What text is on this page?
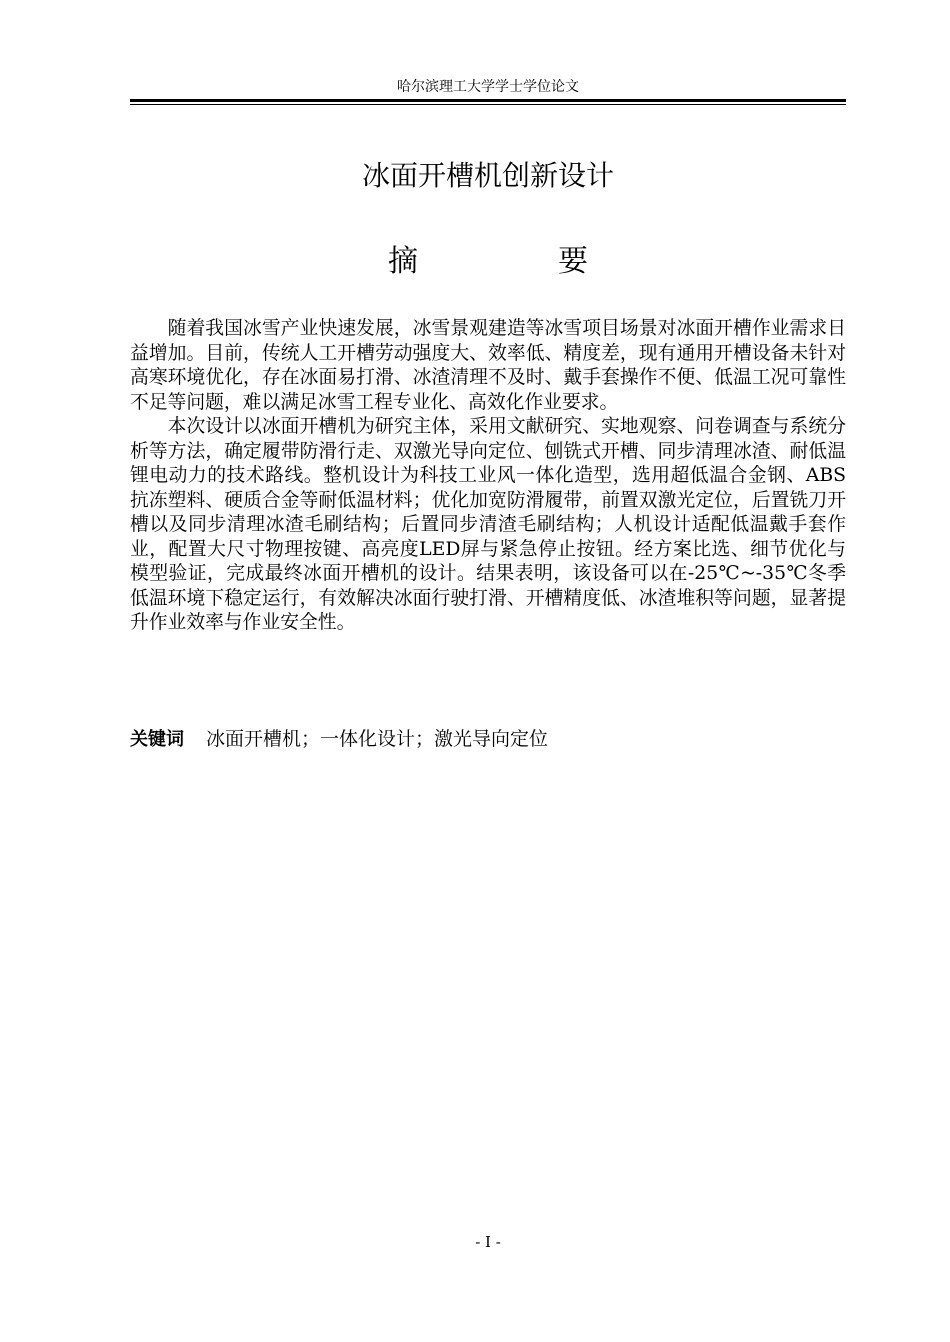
哈尔滨理工大学学士学位论文
冰面开槽机创新设计
摘要

随着我国冰雪产业快速发展，冰雪景观建造等冰雪项目场景对冰面开槽作业需求日益增加。目前，传统人工开槽劳动强度大、效率低、精度差，现有通用开槽设备未针对高寒环境优化，存在冰面易打滑、冰渣清理不及时、戴手套操作不便、低温工况可靠性不足等问题，难以满足冰雪工程专业化、高效化作业要求。

本次设计以冰面开槽机为研究主体，采用文献研究、实地观察、问卷调查与系统分析等方法，确定履带防滑行走、双激光导向定位、刨铣式开槽、同步清理冰渣、耐低温锂电动力的技术路线。整机设计为科技工业风一体化造型，选用超低温合金钢、ABS抗冻塑料、硬质合金等耐低温材料；优化加宽防滑履带，前置双激光定位，后置铣刀开槽以及同步清理冰渣毛刷结构；后置同步清渣毛刷结构；人机设计适配低温戴手套作业，配置大尺寸物理按键、高亮度LED屏与紧急停止按钮。经方案比选、细节优化与模型验证，完成最终冰面开槽机的设计。结果表明，该设备可以在-25℃~-35℃冬季低温环境下稳定运行，有效解决冰面行驶打滑、开槽精度低、冰渣堆积等问题，显著提升作业效率与作业安全性。

关键词 冰面开槽机；一体化设计；激光导向定位
- I -
